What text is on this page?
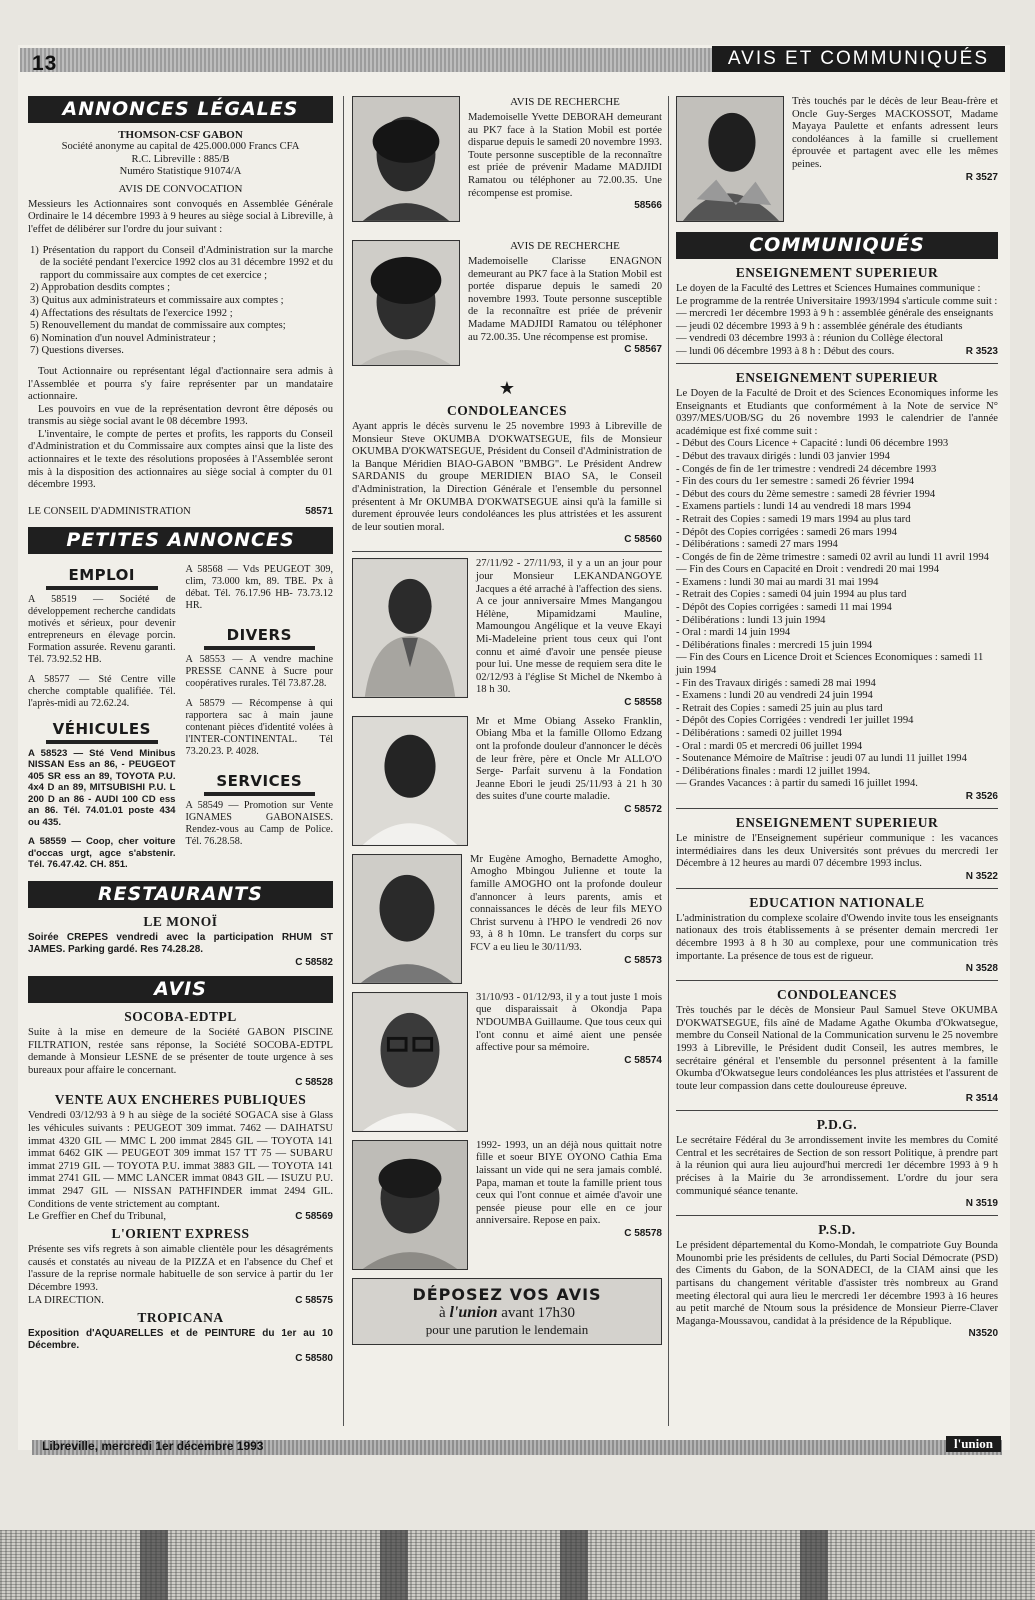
13	AVIS ET COMMUNIQUÉS
ANNONCES LÉGALES
THOMSON-CSF GABON
Société anonyme au capital de 425.000.000 Francs CFA
R.C. Libreville : 885/B
Numéro Statistique 91074/A
AVIS DE CONVOCATION

Messieurs les Actionnaires sont convoqués en Assemblée Générale Ordinaire le 14 décembre 1993 à 9 heures au siège social à Libreville, à l'effet de délibérer sur l'ordre du jour suivant :

1) Présentation du rapport du Conseil d'Administration sur la marche de la société pendant l'exercice 1992 clos au 31 décembre 1992 et du rapport du commissaire aux comptes de cet exercice ;

2) Approbation desdits comptes ;

3) Quitus aux administrateurs et commissaire aux comptes ;

4) Affectations des résultats de l'exercice 1992 ;

5) Renouvellement du mandat de commissaire aux comptes;

6) Nomination d'un nouvel Administrateur ;

7) Questions diverses.

Tout Actionnaire ou représentant légal d'actionnaire sera admis à l'Assemblée et pourra s'y faire représenter par un mandataire actionnaire.

Les pouvoirs en vue de la représentation devront être déposés ou transmis au siège social avant le 08 décembre 1993.

L'inventaire, le compte de pertes et profits, les rapports du Conseil d'Administration et du Commissaire aux comptes ainsi que la liste des actionnaires et le texte des résolutions proposées à l'Assemblée seront mis à la disposition des actionnaires au siège social à compter du 01 décembre 1993.

LE CONSEIL D'ADMINISTRATION	58571
PETITES ANNONCES
EMPLOI

A 58519 — Société de développement recherche candidats motivés et sérieux, pour devenir entrepreneurs en élevage porcin. Formation assurée. Revenu garanti. Tél. 73.92.52 HB.

A 58577 — Sté Centre ville cherche comptable qualifiée. Tél. l'après-midi au 72.62.24.

VÉHICULES

A 58523 — Sté Vend Minibus NISSAN Ess an 86, - PEUGEOT 405 SR ess an 89, TOYOTA P.U. 4x4 D an 89, MITSUBISHI P.U. L 200 D an 86 - AUDI 100 CD ess an 86. Tél. 74.01.01 poste 434 ou 435.

A 58559 — Coop, cher voiture d'occas urgt, agce s'abstenir. Tél. 76.47.42. CH. 851.

A 58568 — Vds PEUGEOT 309, clim, 73.000 km, 89. TBE. Px à débat. Tél. 76.17.96 HB- 73.73.12 HR.

DIVERS

A 58553 — A vendre machine PRESSE CANNE à Sucre pour coopératives rurales. Tél 73.87.28.

A 58579 — Récompense à qui rapportera sac à main jaune contenant pièces d'identité volées à l'INTER-CONTINENTAL. Tél 73.20.23. P. 4028.

SERVICES

A 58549 — Promotion sur Vente IGNAMES GABONAISES. Rendez-vous au Camp de Police. Tél. 76.28.58.

RESTAURANTS
LE MONOÏ

Soirée CREPES vendredi avec la participation RHUM ST JAMES. Parking gardé. Res 74.28.28.

C 58582
AVIS
SOCOBA-EDTPL

Suite à la mise en demeure de la Société GABON PISCINE FILTRATION, restée sans réponse, la Société SOCOBA-EDTPL demande à Monsieur LESNE de se présenter de toute urgence à ses bureaux pour affaire le concernant.

C 58528
VENTE AUX ENCHERES PUBLIQUES

Vendredi 03/12/93 à 9 h au siège de la société SOGACA sise à Glass les véhicules suivants : PEUGEOT 309 immat. 7462 — DAIHATSU immat 4320 GIL — MMC L 200 immat 2845 GIL — TOYOTA 141 immat 6462 GIK — PEUGEOT 309 immat 157 TT 75 — SUBARU immat 2719 GIL — TOYOTA P.U. immat 3883 GIL — TOYOTA 141 immat 2741 GIL — MMC LANCER immat 0843 GIL — ISUZU P.U. immat 2947 GIL — NISSAN PATHFINDER immat 2494 GIL. Conditions de vente strictement au comptant.

Le Greffier en Chef du Tribunal,	C 58569
L'ORIENT EXPRESS

Présente ses vifs regrets à son aimable clientèle pour les désagréments causés et constatés au niveau de la PIZZA et en l'absence du Chef et l'assure de la reprise normale habituelle de son service à partir du 1er Décembre 1993.

LA DIRECTION.	C 58575
TROPICANA

Exposition d'AQUARELLES et de PEINTURE du 1er au 10 Décembre.

C 58580
AVIS DE RECHERCHE

Mademoiselle Yvette DEBORAH demeurant au PK7 face à la Station Mobil est portée disparue depuis le samedi 20 novembre 1993. Toute personne susceptible de la reconnaître est priée de prévenir Madame MADJIDI Ramatou ou téléphoner au 72.00.35. Une récompense est promise.

58566
AVIS DE RECHERCHE

Mademoiselle Clarisse ENAGNON demeurant au PK7 face à la Station Mobil est portée disparue depuis le samedi 20 novembre 1993. Toute personne susceptible de la reconnaître est priée de prévenir Madame MADJIDI Ramatou ou téléphoner au 72.00.35. Une récompense est promise.

C 58567
★
CONDOLEANCES

Ayant appris le décès survenu le 25 novembre 1993 à Libreville de Monsieur Steve OKUMBA D'OKWATSEGUE, fils de Monsieur OKUMBA D'OKWATSEGUE, Président du Conseil d'Administration de la Banque Méridien BIAO-GABON "BMBG". Le Président Andrew SARDANIS du groupe MERIDIEN BIAO SA, le Conseil d'Administration, la Direction Générale et l'ensemble du personnel présentent à Mr OKUMBA D'OKWATSEGUE ainsi qu'à la famille si durement éprouvée leurs condoléances les plus attristées et les assurent de leur soutien moral.

C 58560

27/11/92 - 27/11/93, il y a un an jour pour jour Monsieur LEKANDANGOYE Jacques a été arraché à l'affection des siens. A ce jour anniversaire Mmes Mangangou Hélène, Mipamidzami Mauline, Mamoungou Angélique et la veuve Ekayi Mi-Madeleine prient tous ceux qui l'ont connu et aimé d'avoir une pensée pieuse pour lui. Une messe de requiem sera dite le 02/12/93 à l'église St Michel de Nkembo à 18 h 30.

C 58558

Mr et Mme Obiang Asseko Franklin, Obiang Mba et la famille Ollomo Edzang ont la profonde douleur d'annoncer le décès de leur frère, père et Oncle Mr ALLO'O Serge- Parfait survenu à la Fondation Jeanne Ebori le jeudi 25/11/93 à 21 h 30 des suites d'une courte maladie.

C 58572

Mr Eugène Amogho, Bernadette Amogho, Amogho Mbingou Julienne et toute la famille AMOGHO ont la profonde douleur d'annoncer à leurs parents, amis et connaissances le décès de leur fils MEYO Christ survenu à l'HPO le vendredi 26 nov 93, à 8 h 10mn. Le transfert du corps sur FCV a eu lieu le 30/11/93.

C 58573

31/10/93 - 01/12/93, il y a tout juste 1 mois que disparaissait à Okondja Papa N'DOUMBA Guillaume. Que tous ceux qui l'ont connu et aimé aient une pensée affective pour sa mémoire.

C 58574

1992- 1993, un an déjà nous quittait notre fille et soeur BIYE OYONO Cathia Ema laissant un vide qui ne sera jamais comblé. Papa, maman et toute la famille prient tous ceux qui l'ont connue et aimée d'avoir une pensée pieuse pour elle en ce jour anniversaire. Repose en paix.

C 58578
DÉPOSEZ VOS AVIS
à l'union avant 17h30
pour une parution le lendemain

Très touchés par le décès de leur Beau-frère et Oncle Guy-Serges MACKOSSOT, Madame Mayaya Paulette et enfants adressent leurs condoléances à la famille si cruellement éprouvée et partagent avec elle les mêmes peines.

R 3527
COMMUNIQUÉS
ENSEIGNEMENT SUPERIEUR

Le doyen de la Faculté des Lettres et Sciences Humaines communique :

Le programme de la rentrée Universitaire 1993/1994 s'articule comme suit :

— mercredi 1er décembre 1993 à 9 h : assemblée générale des enseignants

— jeudi 02 décembre 1993 à 9 h : assemblée générale des étudiants

— vendredi 03 décembre 1993 à : réunion du Collège électoral

— lundi 06 décembre 1993 à 8 h : Début des cours.	R 3523
ENSEIGNEMENT SUPERIEUR

Le Doyen de la Faculté de Droit et des Sciences Economiques informe les Enseignants et Etudiants que conformément à la Note de service N° 0397/MES/UOB/SG du 26 novembre 1993 le calendrier de l'année académique est fixé comme suit :

- Début des Cours Licence + Capacité : lundi 06 décembre 1993

- Début des travaux dirigés : lundi 03 janvier 1994

- Congés de fin de 1er trimestre : vendredi 24 décembre 1993

- Fin des cours du 1er semestre : samedi 26 février 1994

- Début des cours du 2ème semestre : samedi 28 février 1994

- Examens partiels : lundi 14 au vendredi 18 mars 1994

- Retrait des Copies : samedi 19 mars 1994 au plus tard

- Dépôt des Copies corrigées : samedi 26 mars 1994

- Délibérations : samedi 27 mars 1994

- Congés de fin de 2ème trimestre : samedi 02 avril au lundi 11 avril 1994

— Fin des Cours en Capacité en Droit : vendredi 20 mai 1994

- Examens : lundi 30 mai au mardi 31 mai 1994

- Retrait des Copies : samedi 04 juin 1994 au plus tard

- Dépôt des Copies corrigées : samedi 11 mai 1994

- Délibérations : lundi 13 juin 1994

- Oral : mardi 14 juin 1994

- Délibérations finales : mercredi 15 juin 1994

— Fin des Cours en Licence Droit et Sciences Economiques : samedi 11 juin 1994

- Fin des Travaux dirigés : samedi 28 mai 1994

- Examens : lundi 20 au vendredi 24 juin 1994

- Retrait des Copies : samedi 25 juin au plus tard

- Dépôt des Copies Corrigées : vendredi 1er juillet 1994

- Délibérations : samedi 02 juillet 1994

- Oral : mardi 05 et mercredi 06 juillet 1994

- Soutenance Mémoire de Maîtrise : jeudi 07 au lundi 11 juillet 1994

- Délibérations finales : mardi 12 juillet 1994.

— Grandes Vacances : à partir du samedi 16 juillet 1994.

R 3526
ENSEIGNEMENT SUPERIEUR

Le ministre de l'Enseignement supérieur communique : les vacances intermédiaires dans les deux Universités sont prévues du mercredi 1er Décembre à 12 heures au mardi 07 décembre 1993 inclus.

N 3522
EDUCATION NATIONALE

L'administration du complexe scolaire d'Owendo invite tous les enseignants nationaux des trois établissements à se présenter demain mercredi 1er décembre 1993 à 8 h 30 au complexe, pour une communication très importante. La présence de tous est de rigueur.

N 3528
CONDOLEANCES

Très touchés par le décès de Monsieur Paul Samuel Steve OKUMBA D'OKWATSEGUE, fils aîné de Madame Agathe Okumba d'Okwatsegue, membre du Conseil National de la Communication survenu le 25 novembre 1993 à Libreville, le Président dudit Conseil, les autres membres, le secrétaire général et l'ensemble du personnel présentent à la famille Okumba d'Okwatsegue leurs condoléances les plus attristées et l'assurent de toute leur compassion dans cette douloureuse épreuve.

R 3514
P.D.G.

Le secrétaire Fédéral du 3e arrondissement invite les membres du Comité Central et les secrétaires de Section de son ressort Politique, à prendre part à la réunion qui aura lieu aujourd'hui mercredi 1er décembre 1993 à 9 h précises à la Mairie du 3e arrondissement. L'ordre du jour sera communiqué séance tenante.

N 3519
P.S.D.

Le président départemental du Komo-Mondah, le compatriote Guy Bounda Mounombi prie les présidents de cellules, du Parti Social Démocrate (PSD) des Ciments du Gabon, de la SONADECI, de la CIAM ainsi que les partisans du changement véritable d'assister très nombreux au Grand meeting électoral qui aura lieu le mercredi 1er décembre 1993 à 16 heures au petit marché de Ntoum sous la présidence de Monsieur Pierre-Claver Maganga-Moussavou, candidat à la présidence de la République.

N3520
Libreville, mercredi 1er décembre 1993	l'union
